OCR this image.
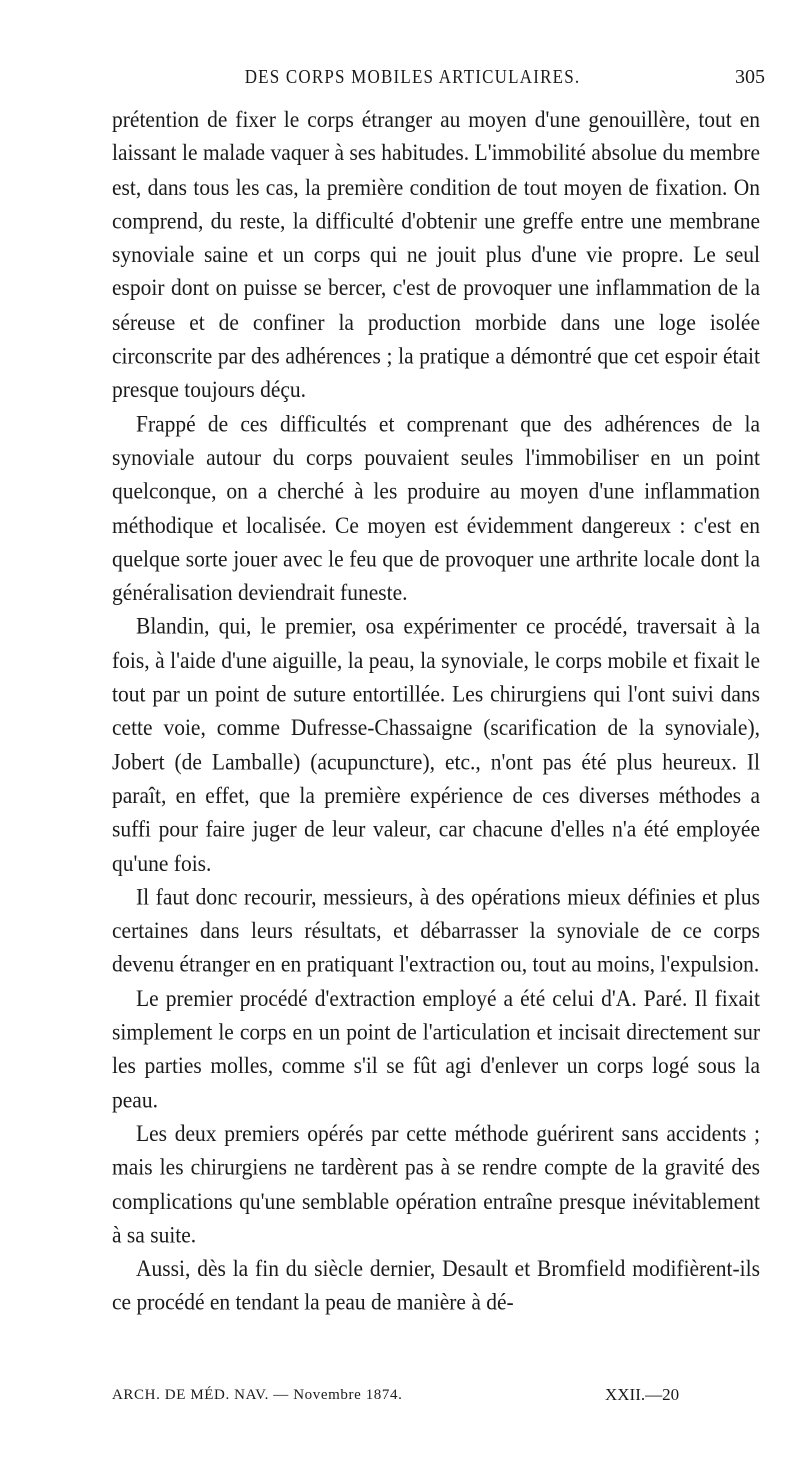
DES CORPS MOBILES ARTICULAIRES.	305

prétention de fixer le corps étranger au moyen d'une genouillère, tout en laissant le malade vaquer à ses habitudes. L'immobilité absolue du membre est, dans tous les cas, la première condition de tout moyen de fixation. On comprend, du reste, la difficulté d'obtenir une greffe entre une membrane synoviale saine et un corps qui ne jouit plus d'une vie propre. Le seul espoir dont on puisse se bercer, c'est de provoquer une inflammation de la séreuse et de confiner la production morbide dans une loge isolée circonscrite par des adhérences ; la pratique a démontré que cet espoir était presque toujours déçu.

Frappé de ces difficultés et comprenant que des adhérences de la synoviale autour du corps pouvaient seules l'immobiliser en un point quelconque, on a cherché à les produire au moyen d'une inflammation méthodique et localisée. Ce moyen est évidemment dangereux : c'est en quelque sorte jouer avec le feu que de provoquer une arthrite locale dont la généralisation deviendrait funeste.

Blandin, qui, le premier, osa expérimenter ce procédé, traversait à la fois, à l'aide d'une aiguille, la peau, la synoviale, le corps mobile et fixait le tout par un point de suture entortillée. Les chirurgiens qui l'ont suivi dans cette voie, comme Dufresse-Chassaigne (scarification de la synoviale), Jobert (de Lamballe) (acupuncture), etc., n'ont pas été plus heureux. Il paraît, en effet, que la première expérience de ces diverses méthodes a suffi pour faire juger de leur valeur, car chacune d'elles n'a été employée qu'une fois.

Il faut donc recourir, messieurs, à des opérations mieux définies et plus certaines dans leurs résultats, et débarrasser la synoviale de ce corps devenu étranger en en pratiquant l'extraction ou, tout au moins, l'expulsion.

Le premier procédé d'extraction employé a été celui d'A. Paré. Il fixait simplement le corps en un point de l'articulation et incisait directement sur les parties molles, comme s'il se fût agi d'enlever un corps logé sous la peau.

Les deux premiers opérés par cette méthode guérirent sans accidents ; mais les chirurgiens ne tardèrent pas à se rendre compte de la gravité des complications qu'une semblable opération entraîne presque inévitablement à sa suite.

Aussi, dès la fin du siècle dernier, Desault et Bromfield modifièrent-ils ce procédé en tendant la peau de manière à dé-

ARCH. DE MÉD. NAV. — Novembre 1874.	XXII.—20
